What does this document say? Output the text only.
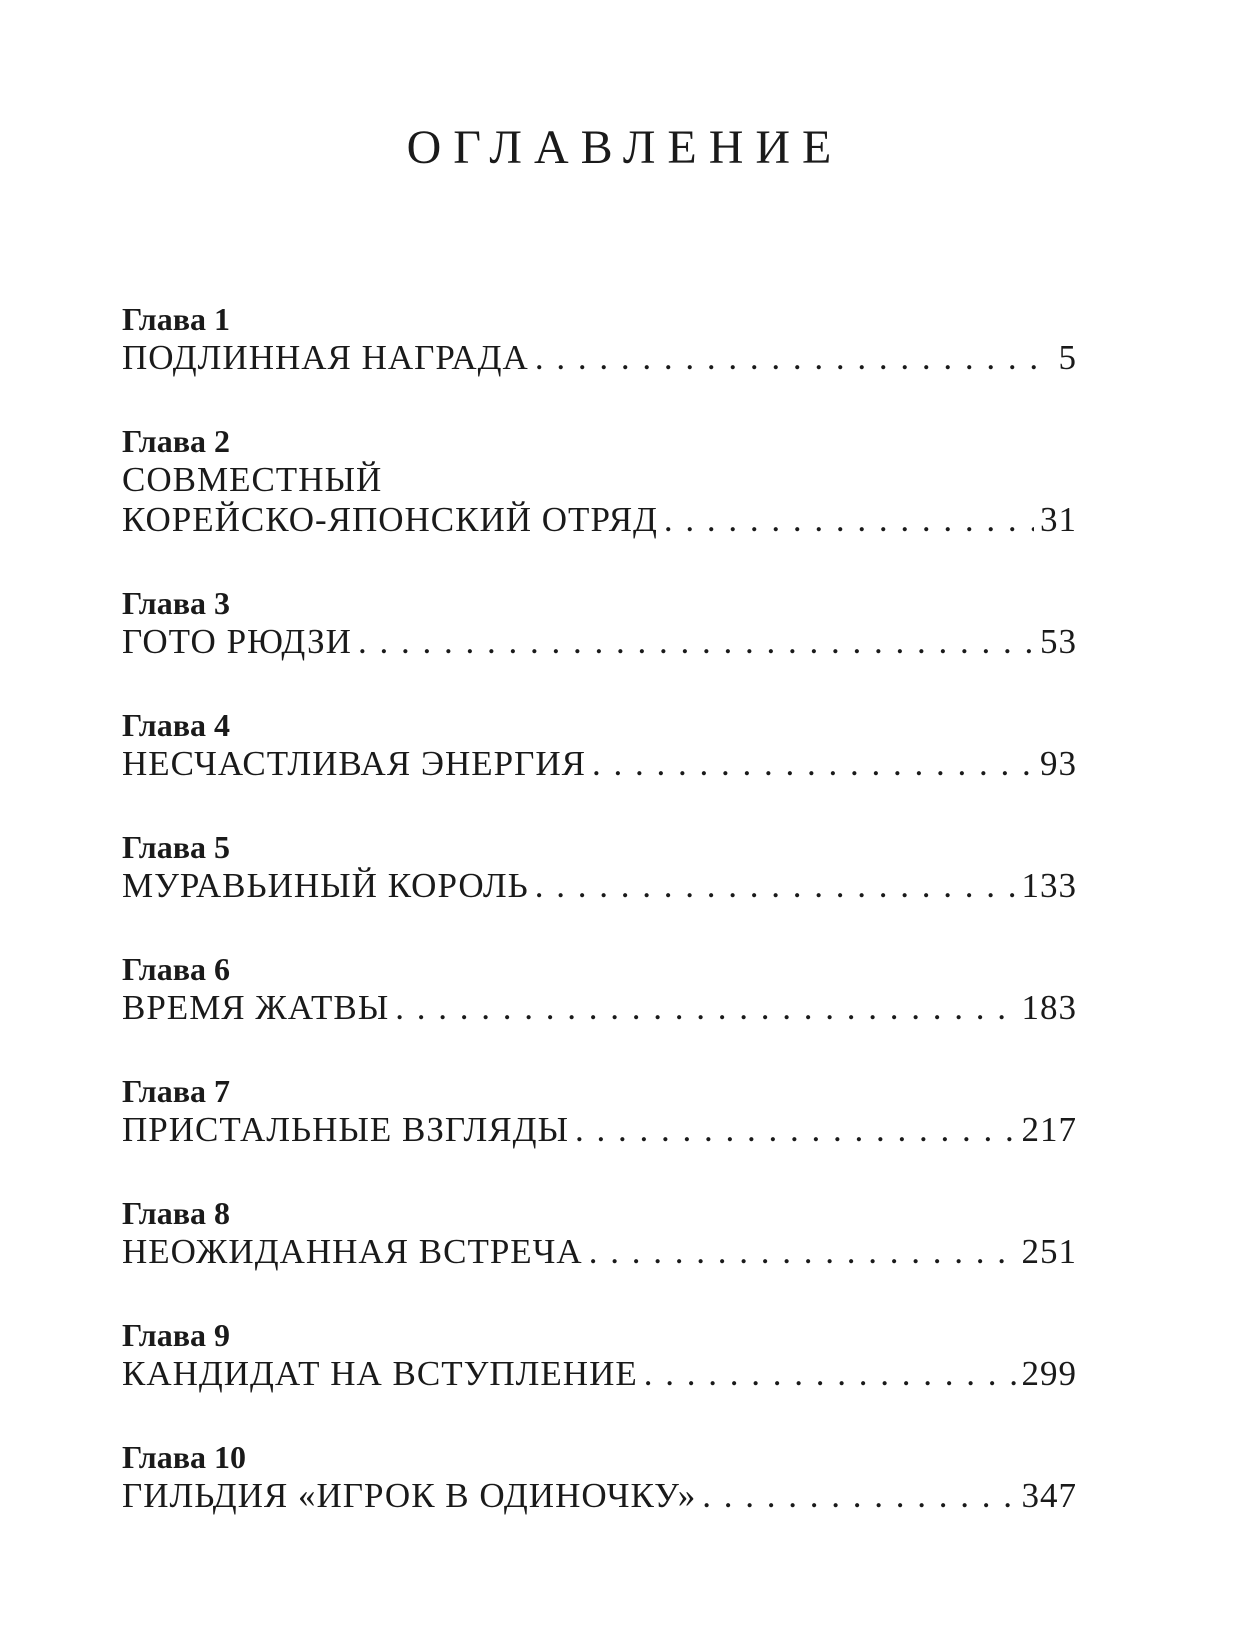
ОГЛАВЛЕНИЕ
Глава 1
ПОДЛИННАЯ НАГРАДА . . .	5
Глава 2
СОВМЕСТНЫЙ
КОРЕЙСКО-ЯПОНСКИЙ ОТРЯД . . .	31
Глава 3
ГОТО РЮДЗИ . . .	53
Глава 4
НЕСЧАСТЛИВАЯ ЭНЕРГИЯ . . .	93
Глава 5
МУРАВЬИНЫЙ КОРОЛЬ . . .	133
Глава 6
ВРЕМЯ ЖАТВЫ . . .	183
Глава 7
ПРИСТАЛЬНЫЕ ВЗГЛЯДЫ . . .	217
Глава 8
НЕОЖИДАННАЯ ВСТРЕЧА . . .	251
Глава 9
КАНДИДАТ НА ВСТУПЛЕНИЕ . . .	299
Глава 10
ГИЛЬДИЯ «ИГРОК В ОДИНОЧКУ» . . .	347
